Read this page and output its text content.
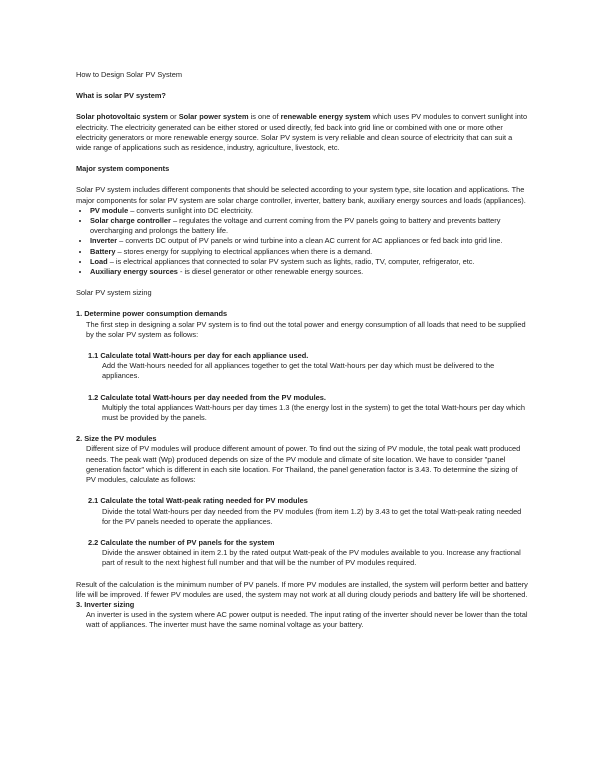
How to Design Solar PV System

What is solar PV system?

Solar photovoltaic system or Solar power system is one of renewable energy system which uses PV modules to convert sunlight into electricity. The electricity generated can be either stored or used directly, fed back into grid line or combined with one or more other electricity generators or more renewable energy source. Solar PV system is very reliable and clean source of electricity that can suit a wide range of applications such as residence, industry, agriculture, livestock, etc.

Major system components

Solar PV system includes different components that should be selected according to your system type, site location and applications. The major components for solar PV system are solar charge controller, inverter, battery bank, auxiliary energy sources and loads (appliances).

• PV module – converts sunlight into DC electricity.
• Solar charge controller – regulates the voltage and current coming from the PV panels going to battery and prevents battery overcharging and prolongs the battery life.
• Inverter – converts DC output of PV panels or wind turbine into a clean AC current for AC appliances or fed back into grid line.
• Battery – stores energy for supplying to electrical appliances when there is a demand.
• Load – is electrical appliances that connected to solar PV system such as lights, radio, TV, computer, refrigerator, etc.
• Auxiliary energy sources - is diesel generator or other renewable energy sources.

Solar PV system sizing

1. Determine power consumption demands

The first step in designing a solar PV system is to find out the total power and energy consumption of all loads that need to be supplied by the solar PV system as follows:

1.1 Calculate total Watt-hours per day for each appliance used.

Add the Watt-hours needed for all appliances together to get the total Watt-hours per day which must be delivered to the appliances.

1.2 Calculate total Watt-hours per day needed from the PV modules.

Multiply the total appliances Watt-hours per day times 1.3 (the energy lost in the system) to get the total Watt-hours per day which must be provided by the panels.

2. Size the PV modules

Different size of PV modules will produce different amount of power. To find out the sizing of PV module, the total peak watt produced needs. The peak watt (Wp) produced depends on size of the PV module and climate of site location. We have to consider "panel generation factor" which is different in each site location. For Thailand, the panel generation factor is 3.43. To determine the sizing of PV modules, calculate as follows:

2.1 Calculate the total Watt-peak rating needed for PV modules

Divide the total Watt-hours per day needed from the PV modules (from item 1.2) by 3.43 to get the total Watt-peak rating needed for the PV panels needed to operate the appliances.

2.2 Calculate the number of PV panels for the system

Divide the answer obtained in item 2.1 by the rated output Watt-peak of the PV modules available to you. Increase any fractional part of result to the next highest full number and that will be the number of PV modules required.

Result of the calculation is the minimum number of PV panels. If more PV modules are installed, the system will perform better and battery life will be improved. If fewer PV modules are used, the system may not work at all during cloudy periods and battery life will be shortened.

3. Inverter sizing

An inverter is used in the system where AC power output is needed. The input rating of the inverter should never be lower than the total watt of appliances. The inverter must have the same nominal voltage as your battery.
